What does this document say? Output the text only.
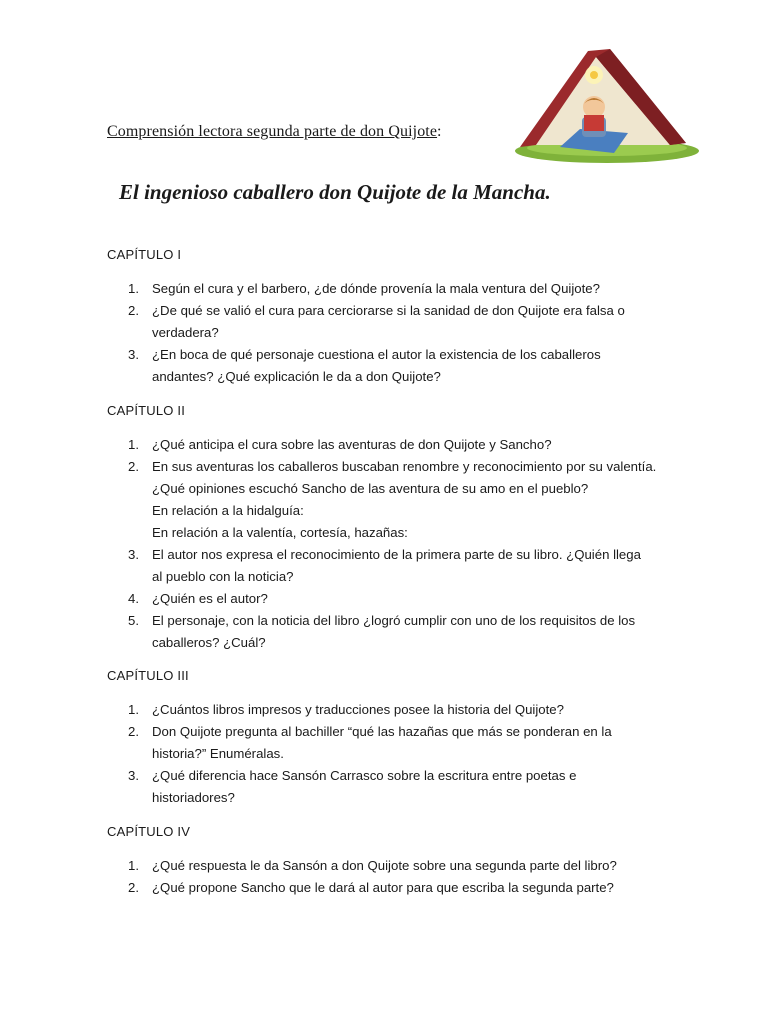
Comprensión lectora segunda parte de don Quijote:
El ingenioso caballero don Quijote de la Mancha.
CAPÍTULO I
1. Según el cura y el barbero, ¿de dónde provenía la mala ventura del Quijote?
2. ¿De qué se valió el cura para cerciorarse si la sanidad de don Quijote era falsa o
verdadera?
3. ¿En boca de qué personaje cuestiona el autor la existencia de los caballeros
andantes? ¿Qué explicación le da a don Quijote?
CAPÍTULO II
1. ¿Qué anticipa el cura sobre las aventuras de don Quijote y Sancho?
2. En sus aventuras los caballeros buscaban renombre y reconocimiento por su valentía.
¿Qué opiniones escuchó Sancho de las aventura de su amo en el pueblo?
En relación a la hidalguía:
En relación a la valentía, cortesía, hazañas:
3. El autor nos expresa el reconocimiento de la primera parte de su libro. ¿Quién llega
al pueblo con la noticia?
4. ¿Quién es el autor?
5. El personaje, con la noticia del libro ¿logró cumplir con uno de los requisitos de los
caballeros? ¿Cuál?
CAPÍTULO III
1. ¿Cuántos libros impresos y traducciones posee la historia del Quijote?
2. Don Quijote pregunta al bachiller “qué las hazañas que más se ponderan en la
historia?” Enuméralas.
3. ¿Qué diferencia hace Sansón Carrasco sobre la escritura entre poetas e
historiadores?
CAPÍTULO IV
1. ¿Qué respuesta le da Sansón a don Quijote sobre una segunda parte del libro?
2. ¿Qué propone Sancho que le dará al autor para que escriba la segunda parte?
